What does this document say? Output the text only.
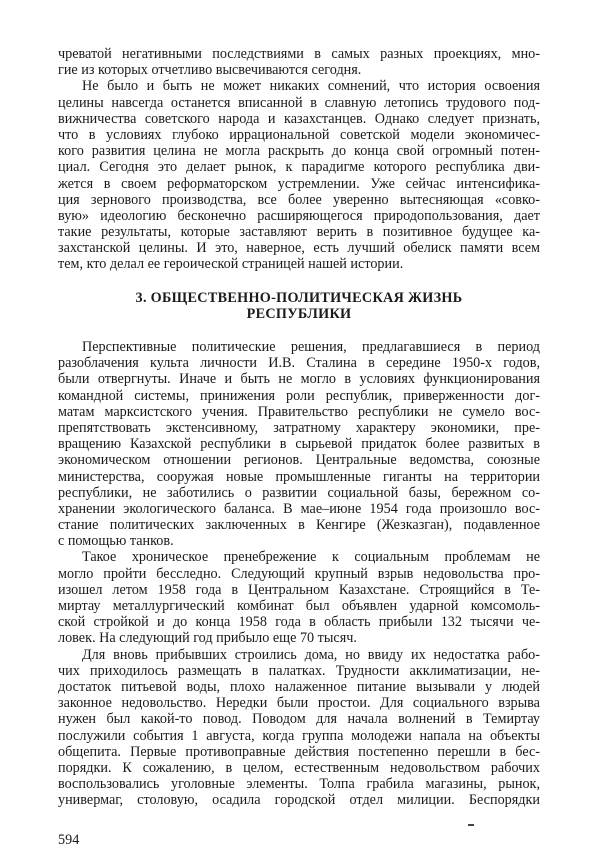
чреватой негативными последствиями в самых разных проекциях, мно-
гие из которых отчетливо высвечиваются сегодня.
Не было и быть не может никаких сомнений, что история освоения
целины навсегда останется вписанной в славную летопись трудового под-
вижничества советского народа и казахстанцев. Однако следует признать,
что в условиях глубоко иррациональной советской модели экономичес-
кого развития целина не могла раскрыть до конца свой огромный потен-
циал. Сегодня это делает рынок, к парадигме которого республика дви-
жется в своем реформаторском устремлении. Уже сейчас интенсифика-
ция зернового производства, все более уверенно вытесняющая «совко-
вую» идеологию бесконечно расширяющегося природопользования, дает
такие результаты, которые заставляют верить в позитивное будущее ка-
захстанской целины. И это, наверное, есть лучший обелиск памяти всем
тем, кто делал ее героической страницей нашей истории.
3. ОБЩЕСТВЕННО-ПОЛИТИЧЕСКАЯ ЖИЗНЬ
РЕСПУБЛИКИ
Перспективные политические решения, предлагавшиеся в период
разоблачения культа личности И.В. Сталина в середине 1950-х годов,
были отвергнуты. Иначе и быть не могло в условиях функционирования
командной системы, принижения роли республик, приверженности дог-
матам марксистского учения. Правительство республики не сумело вос-
препятствовать экстенсивному, затратному характеру экономики, пре-
вращению Казахской республики в сырьевой придаток более развитых в
экономическом отношении регионов. Центральные ведомства, союзные
министерства, сооружая новые промышленные гиганты на территории
республики, не заботились о развитии социальной базы, бережном со-
хранении экологического баланса. В мае–июне 1954 года произошло вос-
стание политических заключенных в Кенгире (Жезказган), подавленное
с помощью танков.
Такое хроническое пренебрежение к социальным проблемам не
могло пройти бесследно. Следующий крупный взрыв недовольства про-
изошел летом 1958 года в Центральном Казахстане. Строящийся в Те-
миртау металлургический комбинат был объявлен ударной комсомоль-
ской стройкой и до конца 1958 года в область прибыли 132 тысячи че-
ловек. На следующий год прибыло еще 70 тысяч.
Для вновь прибывших строились дома, но ввиду их недостатка рабо-
чих приходилось размещать в палатках. Трудности акклиматизации, не-
достаток питьевой воды, плохо налаженное питание вызывали у людей
законное недовольство. Нередки были простои. Для социального взрыва
нужен был какой-то повод. Поводом для начала волнений в Темиртау
послужили события 1 августа, когда группа молодежи напала на объекты
общепита. Первые противоправные действия постепенно перешли в бес-
порядки. К сожалению, в целом, естественным недовольством рабочих
воспользовались уголовные элементы. Толпа грабила магазины, рынок,
универмаг, столовую, осадила городской отдел милиции. Беспорядки
594
